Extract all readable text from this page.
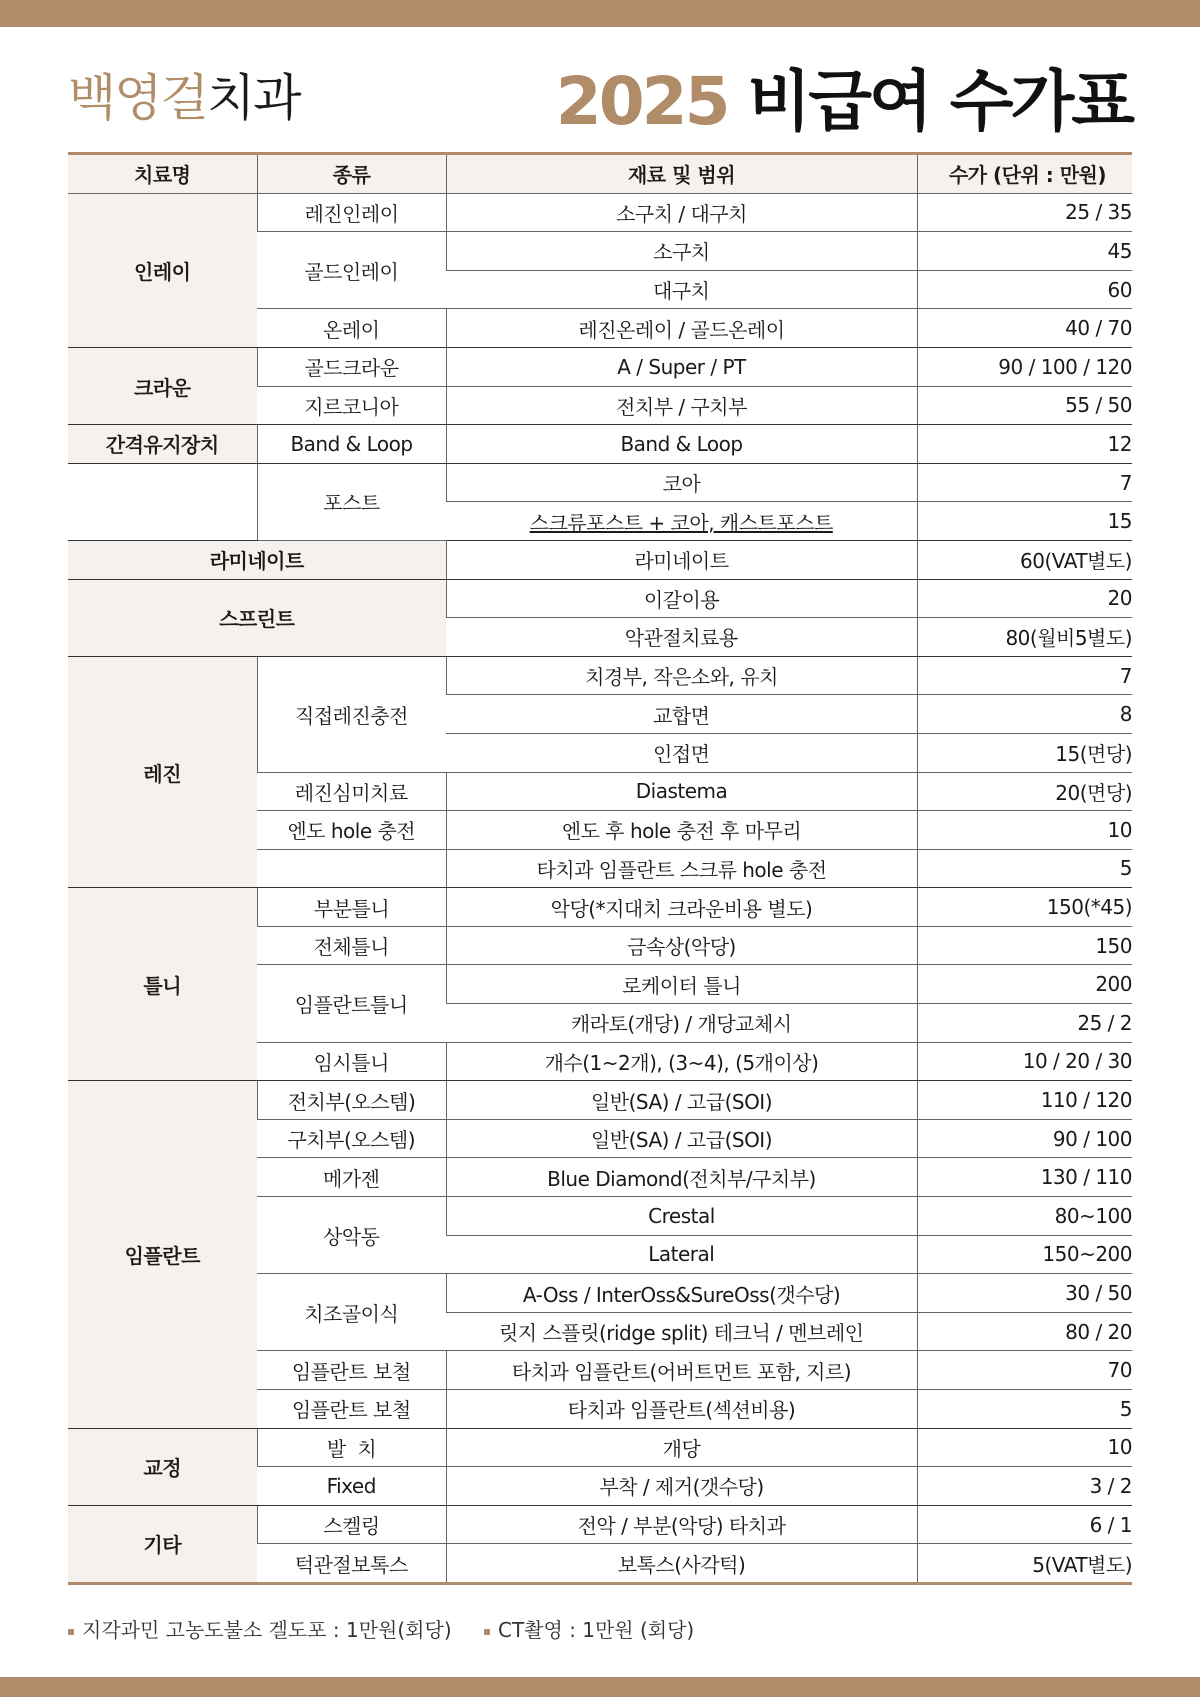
백영걸치과	2025 비급여 수가표
치료명	종류	재료 및 범위	수가 (단위 : 만원)
인레이	레진인레이	소구치 / 대구치	25 / 35
	골드인레이	소구치	45
		대구치	60
	온레이	레진온레이 / 골드온레이	40 / 70
크라운	골드크라운	A / Super / PT	90 / 100 / 120
	지르코니아	전치부 / 구치부	55 / 50
간격유지장치	Band & Loop	Band & Loop	12
	포스트	코아	7
		스크류포스트 + 코아, 캐스트포스트	15
라미네이트		라미네이트	60(VAT별도)
스프린트		이갈이용	20
		악관절치료용	80(월비5별도)
레진	직접레진충전	치경부, 작은소와, 유치	7
		교합면	8
		인접면	15(면당)
	레진심미치료	Diastema	20(면당)
	엔도 hole 충전	엔도 후 hole 충전 후 마무리	10
		타치과 임플란트 스크류 hole 충전	5
틀니	부분틀니	악당(*지대치 크라운비용 별도)	150(*45)
	전체틀니	금속상(악당)	150
	임플란트틀니	로케이터 틀니	200
		캐라토(개당) / 개당교체시	25 / 2
	임시틀니	개수(1~2개), (3~4), (5개이상)	10 / 20 / 30
임플란트	전치부(오스템)	일반(SA) / 고급(SOI)	110 / 120
	구치부(오스템)	일반(SA) / 고급(SOI)	90 / 100
	메가젠	Blue Diamond(전치부/구치부)	130 / 110
	상악동	Crestal	80~100
		Lateral	150~200
	치조골이식	A-Oss / InterOss&SureOss(갯수당)	30 / 50
		릿지 스플릿(ridge split) 테크닉 / 멘브레인	80 / 20
	임플란트 보철	타치과 임플란트(어버트먼트 포함, 지르)	70
	임플란트 보철	타치과 임플란트(섹션비용)	5
교정	발  치	개당	10
	Fixed	부착 / 제거(갯수당)	3 / 2
기타	스켈링	전악 / 부분(악당) 타치과	6 / 1
	턱관절보톡스	보톡스(사각턱)	5(VAT별도)
지각과민 고농도불소 겔도포 : 1만원(회당) CT촬영 : 1만원 (회당)
